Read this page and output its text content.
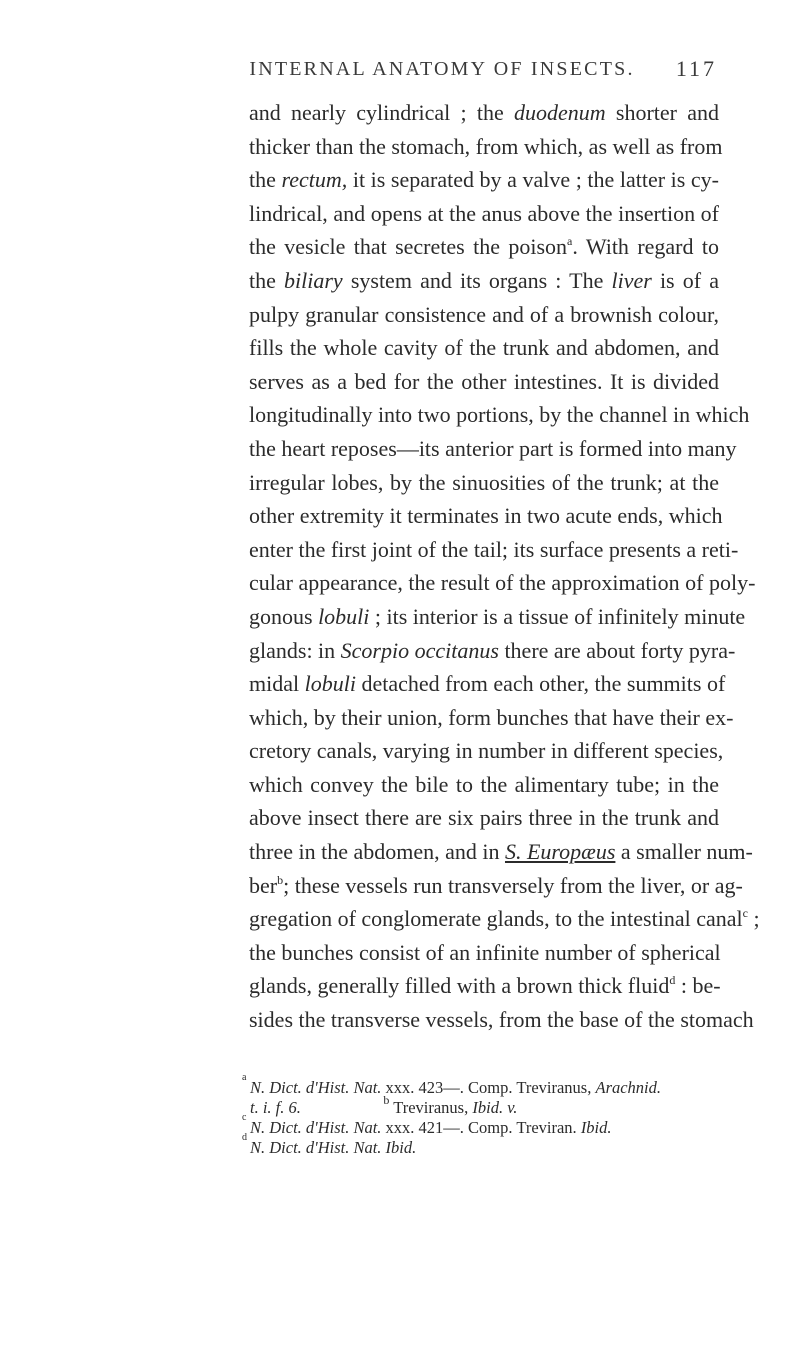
INTERNAL ANATOMY OF INSECTS. 117
and nearly cylindrical ; the duodenum shorter and
thicker than the stomach, from which, as well as from
the rectum, it is separated by a valve ; the latter is cy-
lindrical, and opens at the anus above the insertion of
the vesicle that secretes the poison$^a$. With regard to
the biliary system and its organs : The liver is of a
pulpy granular consistence and of a brownish colour,
fills the whole cavity of the trunk and abdomen, and
serves as a bed for the other intestines. It is divided
longitudinally into two portions, by the channel in which
the heart reposes—its anterior part is formed into many
irregular lobes, by the sinuosities of the trunk; at the
other extremity it terminates in two acute ends, which
enter the first joint of the tail; its surface presents a reti-
cular appearance, the result of the approximation of poly-
gonous lobuli ; its interior is a tissue of infinitely minute
glands: in Scorpio occitanus there are about forty pyra-
midal lobuli detached from each other, the summits of
which, by their union, form bunches that have their ex-
cretory canals, varying in number in different species,
which convey the bile to the alimentary tube; in the
above insect there are six pairs three in the trunk and
three in the abdomen, and in S. Europæus a smaller num-
ber$^b$; these vessels run transversely from the liver, or ag-
gregation of conglomerate glands, to the intestinal canal$^c$ ;
the bunches consist of an infinite number of spherical
glands, generally filled with a brown thick fluid$^d$ : be-
sides the transverse vessels, from the base of the stomach
a
N. Dict. d'Hist. Nat. xxx. 423—. Comp. Treviranus, Arachnid.
t. i. f. 6.	$^b$ Treviranus, Ibid. v.
c
N. Dict. d'Hist. Nat. xxx. 421—. Comp. Treviran. Ibid.
d
N. Dict. d'Hist. Nat. Ibid.
